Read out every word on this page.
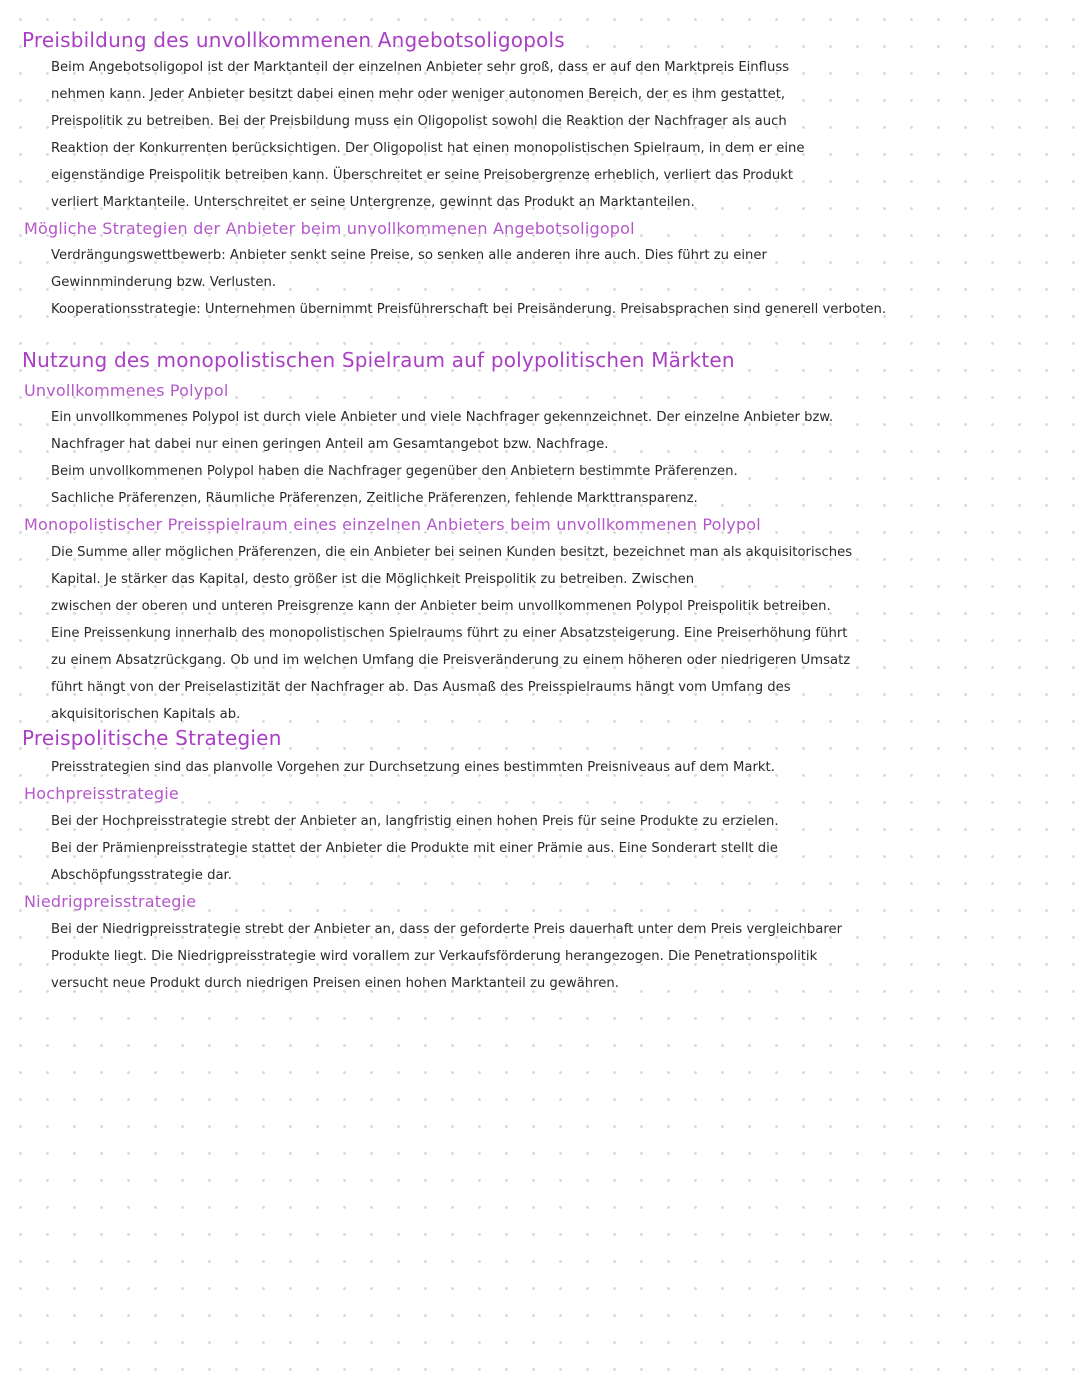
Preisbildung des unvollkommenen Angebotsoligopols
Beim Angebotsoligopol ist der Marktanteil der einzelnen Anbieter sehr groß, dass er auf den Marktpreis Einfluss
nehmen kann. Jeder Anbieter besitzt dabei einen mehr oder weniger autonomen Bereich, der es ihm gestattet,
Preispolitik zu betreiben. Bei der Preisbildung muss ein Oligopolist sowohl die Reaktion der Nachfrager als auch
Reaktion der Konkurrenten berücksichtigen. Der Oligopolist hat einen monopolistischen Spielraum, in dem er eine
eigenständige Preispolitik betreiben kann. Überschreitet er seine Preisobergrenze erheblich, verliert das Produkt
verliert Marktanteile. Unterschreitet er seine Untergrenze, gewinnt das Produkt an Marktanteilen.
Mögliche Strategien der Anbieter beim unvollkommenen Angebotsoligopol
Verdrängungswettbewerb: Anbieter senkt seine Preise, so senken alle anderen ihre auch. Dies führt zu einer
Gewinnminderung bzw. Verlusten.
Kooperationsstrategie: Unternehmen übernimmt Preisführerschaft bei Preisänderung. Preisabsprachen sind generell verboten.
Nutzung des monopolistischen Spielraum auf polypolitischen Märkten
Unvollkommenes Polypol
Ein unvollkommenes Polypol ist durch viele Anbieter und viele Nachfrager gekennzeichnet. Der einzelne Anbieter bzw.
Nachfrager hat dabei nur einen geringen Anteil am Gesamtangebot bzw. Nachfrage.
Beim unvollkommenen Polypol haben die Nachfrager gegenüber den Anbietern bestimmte Präferenzen.
Sachliche Präferenzen, Räumliche Präferenzen, Zeitliche Präferenzen, fehlende Markttransparenz.
Monopolistischer Preisspielraum eines einzelnen Anbieters beim unvollkommenen Polypol
Die Summe aller möglichen Präferenzen, die ein Anbieter bei seinen Kunden besitzt, bezeichnet man als akquisitorisches
Kapital. Je stärker das Kapital, desto größer ist die Möglichkeit Preispolitik zu betreiben. Zwischen
zwischen der oberen und unteren Preisgrenze kann der Anbieter beim unvollkommenen Polypol Preispolitik betreiben.
Eine Preissenkung innerhalb des monopolistischen Spielraums führt zu einer Absatzsteigerung. Eine Preiserhöhung führt
zu einem Absatzrückgang. Ob und im welchen Umfang die Preisveränderung zu einem höheren oder niedrigeren Umsatz
führt hängt von der Preiselastizität der Nachfrager ab. Das Ausmaß des Preisspielraums hängt vom Umfang des
akquisitorischen Kapitals ab.
Preispolitische Strategien
Preisstrategien sind das planvolle Vorgehen zur Durchsetzung eines bestimmten Preisniveaus auf dem Markt.
Hochpreisstrategie
Bei der Hochpreisstrategie strebt der Anbieter an, langfristig einen hohen Preis für seine Produkte zu erzielen.
Bei der Prämienpreisstrategie stattet der Anbieter die Produkte mit einer Prämie aus. Eine Sonderart stellt die
Abschöpfungsstrategie dar.
Niedrigpreisstrategie
Bei der Niedrigpreisstrategie strebt der Anbieter an, dass der geforderte Preis dauerhaft unter dem Preis vergleichbarer
Produkte liegt. Die Niedrigpreisstrategie wird vorallem zur Verkaufsförderung herangezogen. Die Penetrationspolitik
versucht neue Produkt durch niedrigen Preisen einen hohen Marktanteil zu gewähren.
